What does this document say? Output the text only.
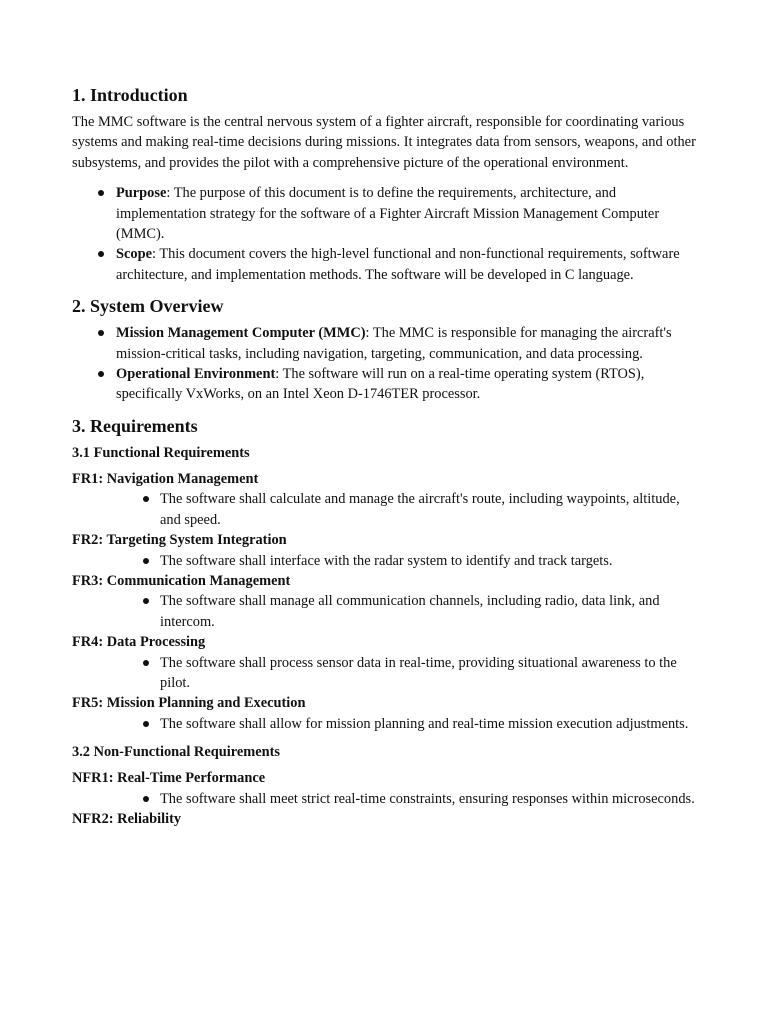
1. Introduction

The MMC software is the central nervous system of a fighter aircraft, responsible for coordinating various systems and making real-time decisions during missions. It integrates data from sensors, weapons, and other subsystems, and provides the pilot with a comprehensive picture of the operational environment.

Purpose: The purpose of this document is to define the requirements, architecture, and implementation strategy for the software of a Fighter Aircraft Mission Management Computer (MMC).
Scope: This document covers the high-level functional and non-functional requirements, software architecture, and implementation methods. The software will be developed in C language.
2. System Overview
Mission Management Computer (MMC): The MMC is responsible for managing the aircraft's mission-critical tasks, including navigation, targeting, communication, and data processing.
Operational Environment: The software will run on a real-time operating system (RTOS), specifically VxWorks, on an Intel Xeon D-1746TER processor.
3. Requirements
3.1 Functional Requirements
FR1: Navigation Management
The software shall calculate and manage the aircraft's route, including waypoints, altitude, and speed.
FR2: Targeting System Integration
The software shall interface with the radar system to identify and track targets.
FR3: Communication Management
The software shall manage all communication channels, including radio, data link, and intercom.
FR4: Data Processing
The software shall process sensor data in real-time, providing situational awareness to the pilot.
FR5: Mission Planning and Execution
The software shall allow for mission planning and real-time mission execution adjustments.
3.2 Non-Functional Requirements
NFR1: Real-Time Performance
The software shall meet strict real-time constraints, ensuring responses within microseconds.
NFR2: Reliability
